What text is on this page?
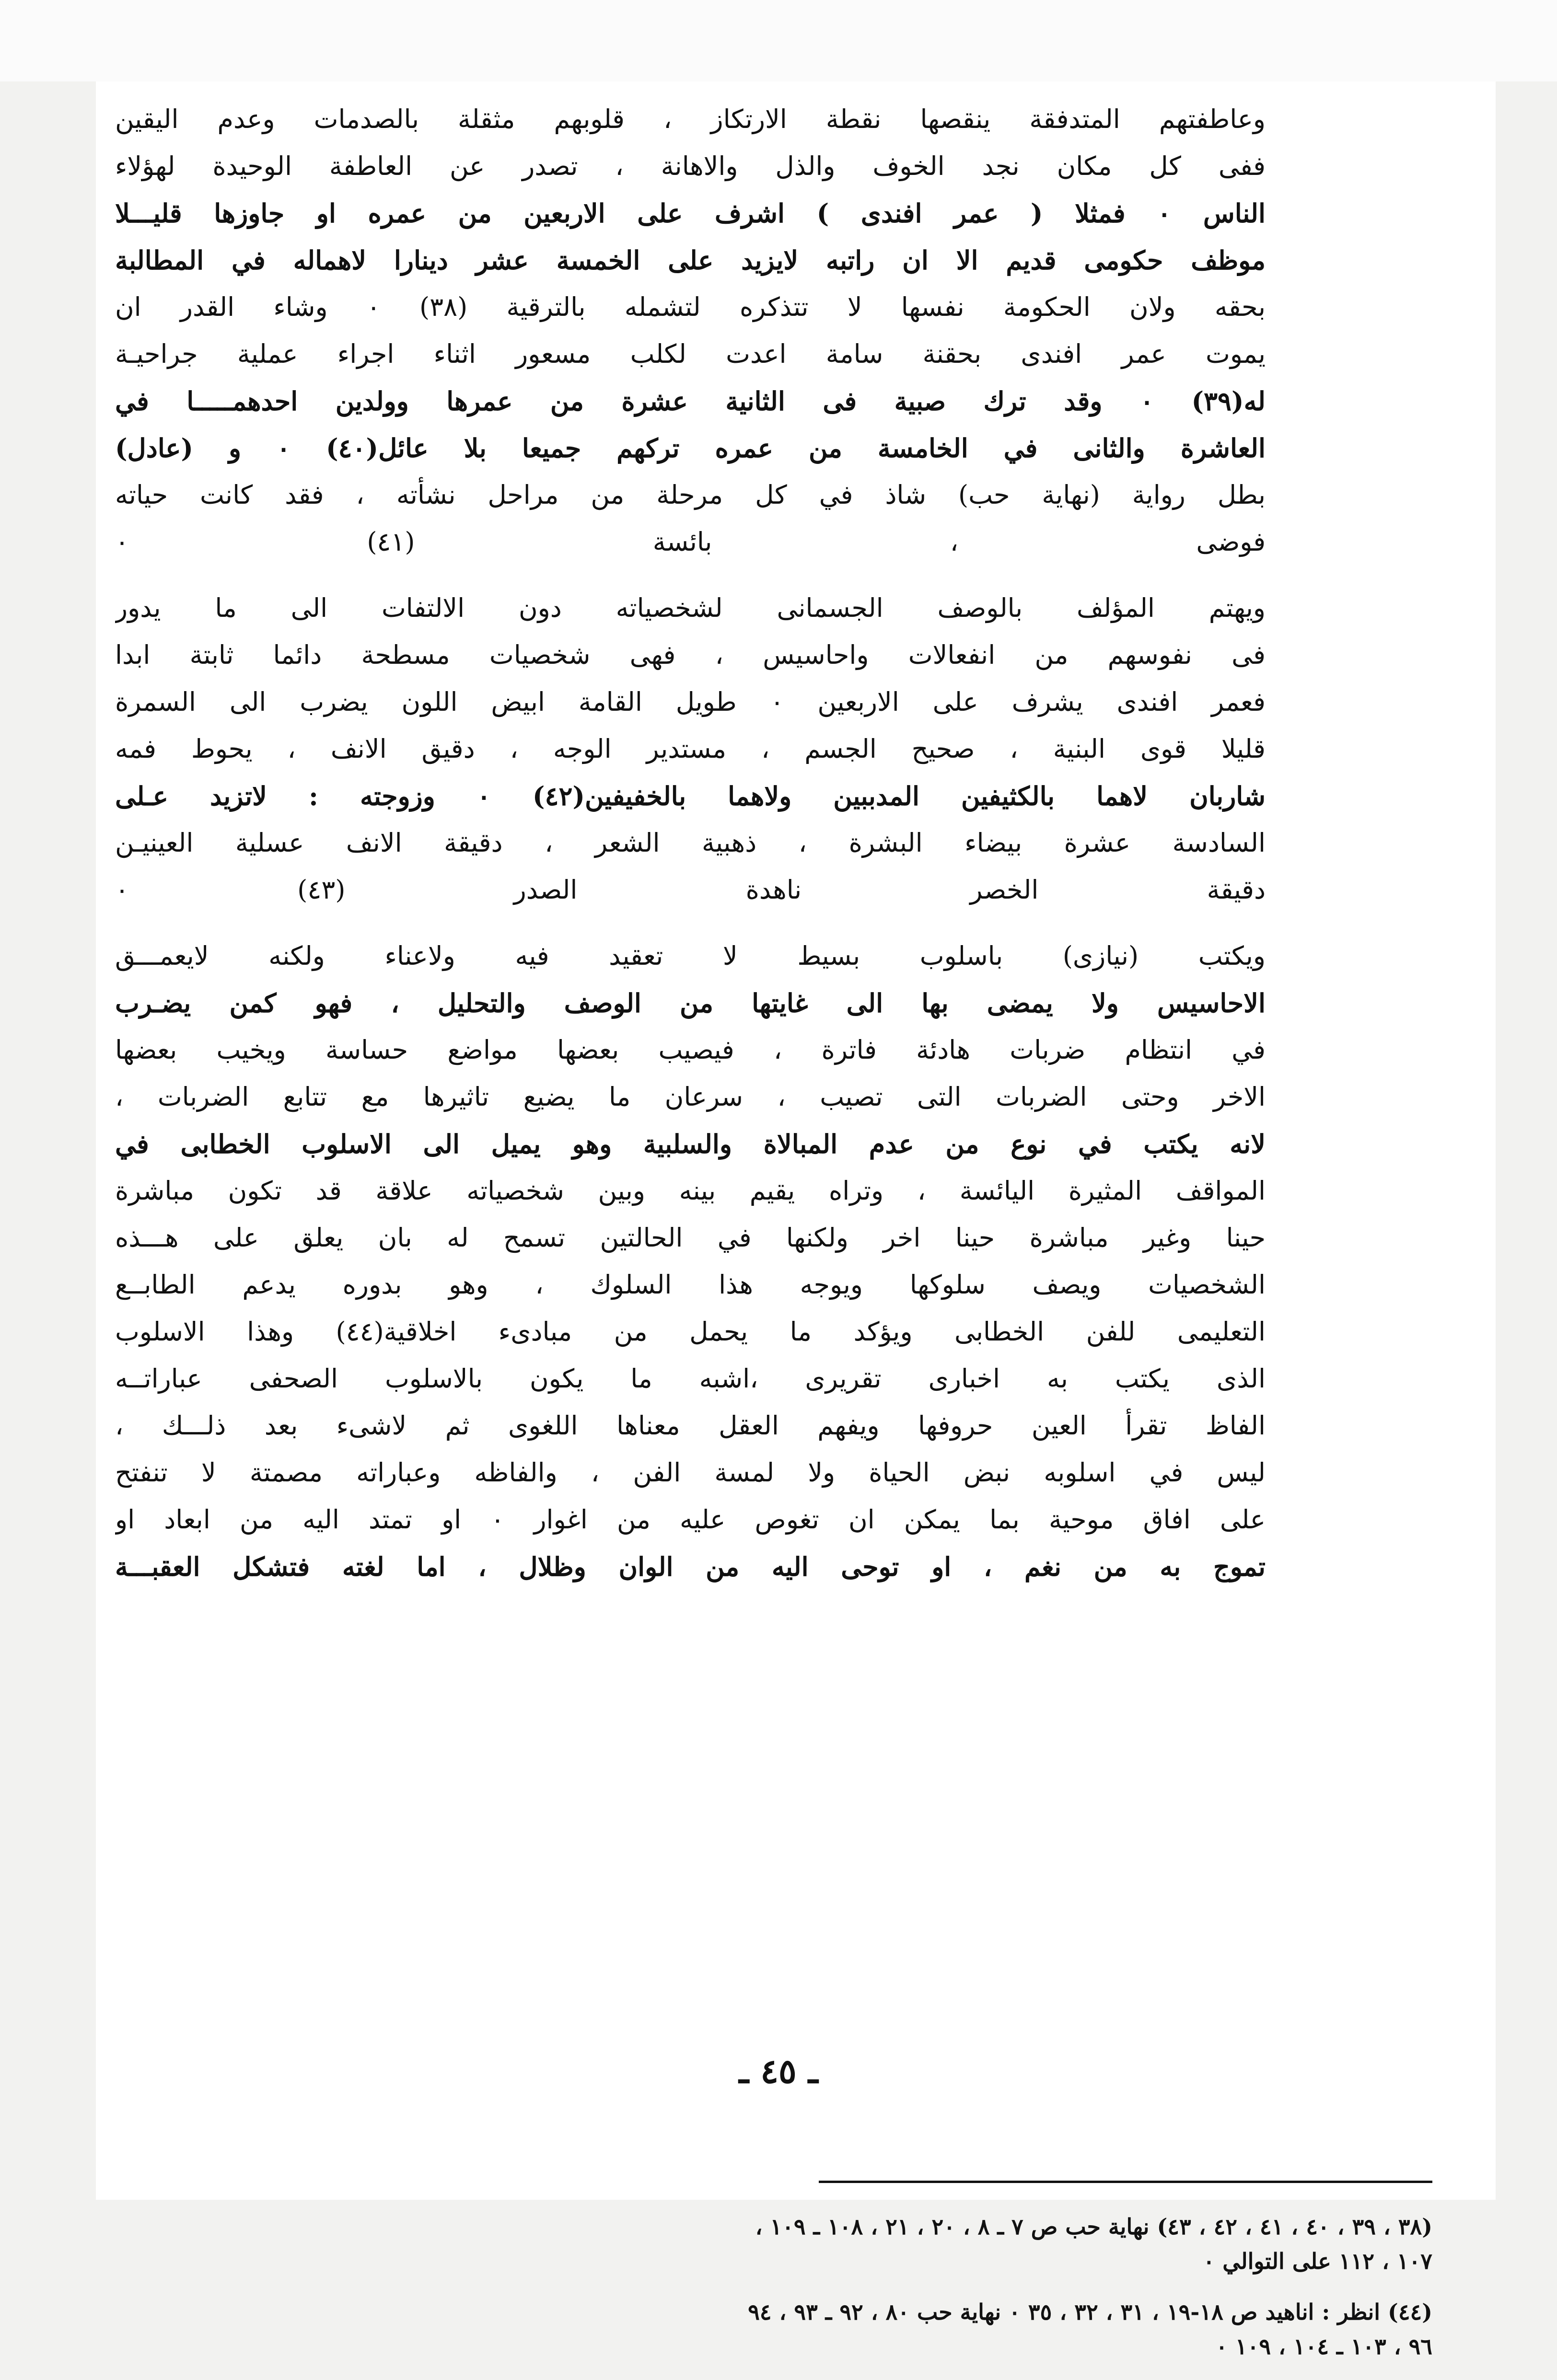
وعاطفتهم المتدفقة ينقصها نقطة الارتكاز ، قلوبهم مثقلة بالصدمات وعدم اليقين
ففى كل مكان نجد الخوف والذل والاهانة ، تصدر عن العاطفة الوحيدة لهؤلاء
الناس ٠ فمثلا ( عمر افندى ) اشرف على الاربعين من عمره او جاوزها قليـــلا
موظف حكومى قديم الا ان راتبه لايزيد على الخمسة عشر دينارا لاهماله في المطالبة
بحقه ولان الحكومة نفسها لا تتذكره لتشمله بالترقية (٣٨) ٠ وشاء القدر ان
يموت عمر افندى بحقنة سامة اعدت لكلب مسعور اثناء اجراء عملية جراحيـة
له(٣٩) ٠ وقد ترك صبية فى الثانية عشرة من عمرها وولدين احدهمـــــا في
العاشرة والثانى في الخامسة من عمره تركهم جميعا بلا عائل(٤٠) ٠ و (عادل)
بطل رواية (نهاية حب) شاذ في كل مرحلة من مراحل نشأته ، فقد كانت حياته
فوضى ، بائسة (٤١) ٠
ويهتم المؤلف بالوصف الجسمانى لشخصياته دون الالتفات الى ما يدور
فى نفوسهم من انفعالات واحاسيس ، فهى شخصيات مسطحة دائما ثابتة ابدا
فعمر افندى يشرف على الاربعين ٠ طويل القامة ابيض اللون يضرب الى السمرة
قليلا قوى البنية ، صحيح الجسم ، مستدير الوجه ، دقيق الانف ، يحوط فمه
شاربان لاهما بالكثيفين المدببين ولاهما بالخفيفين(٤٢) ٠ وزوجته : لاتزيد عـلى
السادسة عشرة بيضاء البشرة ، ذهبية الشعر ، دقيقة الانف عسلية العينيـن
دقيقة الخصر ناهدة الصدر (٤٣) ٠
ويكتب (نيازى) باسلوب بسيط لا تعقيد فيه ولاعناء ولكنه لايعمـــق
الاحاسيس ولا يمضى بها الى غايتها من الوصف والتحليل ، فهو كمن يضـرب
في انتظام ضربات هادئة فاترة ، فيصيب بعضها مواضع حساسة ويخيب بعضها
الاخر وحتى الضربات التى تصيب ، سرعان ما يضيع تاثيرها مع تتابع الضربات ،
لانه يكتب في نوع من عدم المبالاة والسلبية وهو يميل الى الاسلوب الخطابى في
المواقف المثيرة اليائسة ، وتراه يقيم بينه وبين شخصياته علاقة قد تكون مباشرة
حينا وغير مباشرة حينا اخر ولكنها في الحالتين تسمح له بان يعلق على هـــذه
الشخصيات ويصف سلوكها ويوجه هذا السلوك ، وهو بدوره يدعم الطابــع
التعليمى للفن الخطابى ويؤكد ما يحمل من مبادىء اخلاقية(٤٤) وهذا الاسلوب
الذى يكتب به اخبارى تقريرى ،اشبه ما يكون بالاسلوب الصحفى عباراتــه
الفاظ تقرأ العين حروفها ويفهم العقل معناها اللغوى ثم لاشىء بعد ذلـــك ،
ليس في اسلوبه نبض الحياة ولا لمسة الفن ، والفاظه وعباراته مصمتة لا تنفتح
على افاق موحية بما يمكن ان تغوص عليه من اغوار ٠ او تمتد اليه من ابعاد او
تموج به من نغم ، او توحى اليه من الوان وظلال ، اما لغته فتشكل العقبـــة
(٣٨ ، ٣٩ ، ٤٠ ، ٤١ ، ٤٢ ، ٤٣) نهاية حب ص ٧ ـ ٨ ، ٢٠ ، ٢١ ، ١٠٨ ـ ١٠٩ ،
١٠٧ ، ١١٢ على التوالي ٠
(٤٤) انظر : اناهيد ص ١٨-١٩ ، ٣١ ، ٣٢ ، ٣٥ ٠ نهاية حب ٨٠ ، ٩٢ ـ ٩٣ ، ٩٤
٩٦ ، ١٠٣ ـ ١٠٤ ، ١٠٩ ٠
ـ ٤٥ ـ
